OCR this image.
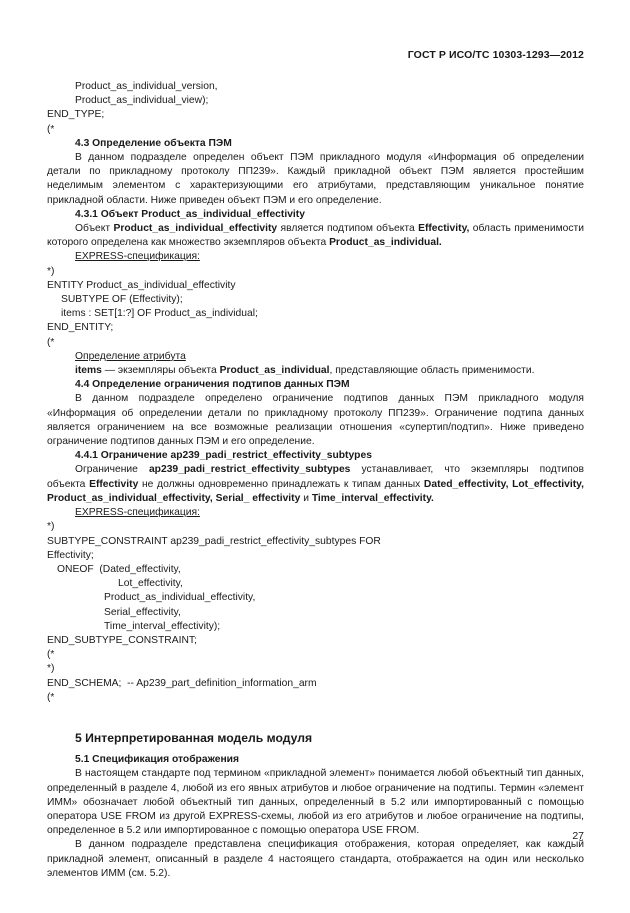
ГОСТ Р ИСО/ТС 10303-1293—2012
Product_as_individual_version,
Product_as_individual_view);
END_TYPE;
(*
4.3 Определение объекта ПЭМ

В данном подразделе определен объект ПЭМ прикладного модуля «Информация об определении детали по прикладному протоколу ПП239». Каждый прикладной объект ПЭМ является простейшим неделимым элементом с характеризующими его атрибутами, представляющим уникальное понятие прикладной области. Ниже приведен объект ПЭМ и его определение.

4.3.1 Объект Product_as_individual_effectivity

Объект Product_as_individual_effectivity является подтипом объекта Effectivity, область применимости которого определена как множество экземпляров объекта Product_as_individual.

EXPRESS-спецификация:
*)
ENTITY Product_as_individual_effectivity
SUBTYPE OF (Effectivity);
items : SET[1:?] OF Product_as_individual;
END_ENTITY;
(*
Определение атрибута
items — экземпляры объекта Product_as_individual, представляющие область применимости.
4.4 Определение ограничения подтипов данных ПЭМ

В данном подразделе определено ограничение подтипов данных ПЭМ прикладного модуля «Информация об определении детали по прикладному протоколу ПП239». Ограничение подтипа данных является ограничением на все возможные реализации отношения «супертип/подтип». Ниже приведено ограничение подтипов данных ПЭМ и его определение.

4.4.1 Ограничение ap239_padi_restrict_effectivity_subtypes

Ограничение ap239_padi_restrict_effectivity_subtypes устанавливает, что экземпляры подтипов объекта Effectivity не должны одновременно принадлежать к типам данных Dated_effectivity, Lot_effectivity, Product_as_individual_effectivity, Serial_ effectivity и Time_interval_effectivity.

EXPRESS-спецификация:
*)
SUBTYPE_CONSTRAINT ap239_padi_restrict_effectivity_subtypes FOR
Effectivity;
ONEOF  (Dated_effectivity,
Lot_effectivity,
Product_as_individual_effectivity,
Serial_effectivity,
Time_interval_effectivity);
END_SUBTYPE_CONSTRAINT;
(*
*)
END_SCHEMA;  -- Ap239_part_definition_information_arm
(*
5 Интерпретированная модель модуля
5.1 Спецификация отображения

В настоящем стандарте под термином «прикладной элемент» понимается любой объектный тип данных, определенный в разделе 4, любой из его явных атрибутов и любое ограничение на подтипы. Термин «элемент ИММ» обозначает любой объектный тип данных, определенный в 5.2 или импортированный с помощью оператора USE FROM из другой EXPRESS-схемы, любой из его атрибутов и любое ограничение на подтипы, определенное в 5.2 или импортированное с помощью оператора USE FROM.

В данном подразделе представлена спецификация отображения, которая определяет, как каждый прикладной элемент, описанный в разделе 4 настоящего стандарта, отображается на один или несколько элементов ИММ (см. 5.2).

27
